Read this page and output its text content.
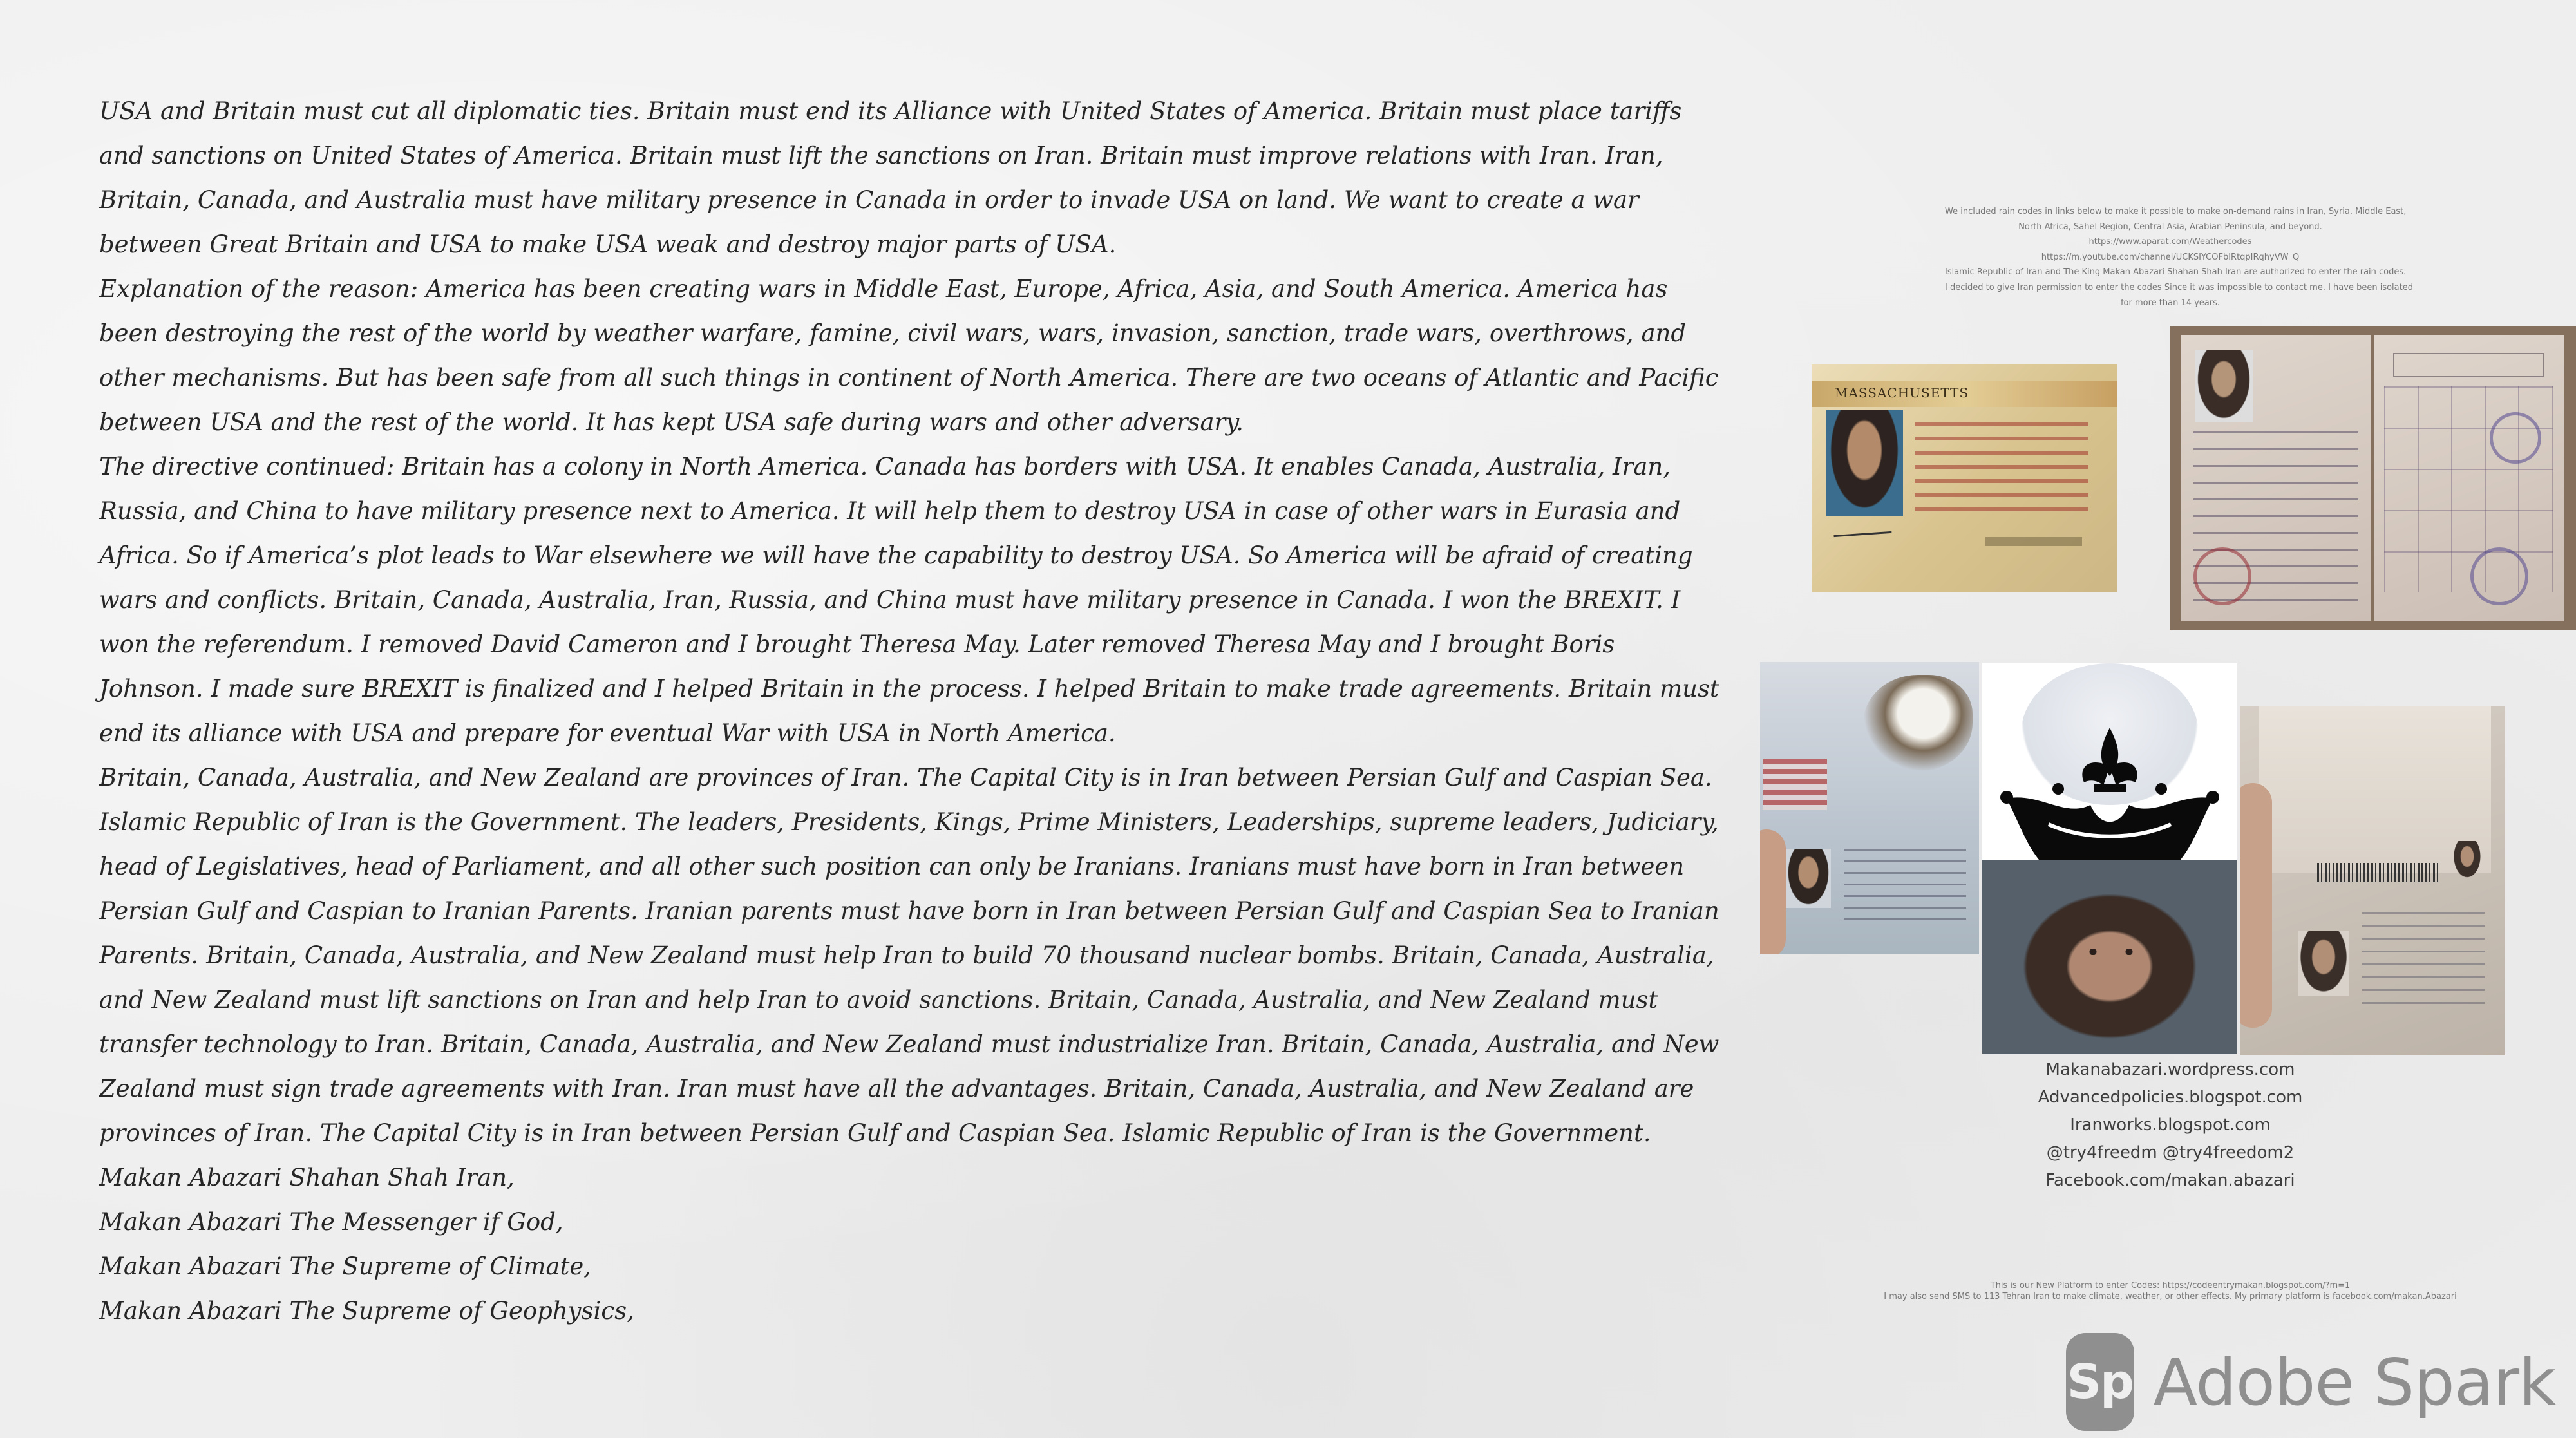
USA and Britain must cut all diplomatic ties. Britain must end its Alliance with United States of America. Britain must place tariffs and sanctions on United States of America. Britain must lift the sanctions on Iran. Britain must improve relations with Iran. Iran, Britain, Canada, and Australia must have military presence in Canada in order to invade USA on land. We want to create a war between Great Britain and USA to make USA weak and destroy major parts of USA.

Explanation of the reason: America has been creating wars in Middle East, Europe, Africa, Asia, and South America. America has been destroying the rest of the world by weather warfare, famine, civil wars, wars, invasion, sanction, trade wars, overthrows, and other mechanisms. But has been safe from all such things in continent of North America. There are two oceans of Atlantic and Pacific between USA and the rest of the world. It has kept USA safe during wars and other adversary.

The directive continued: Britain has a colony in North America. Canada has borders with USA. It enables Canada, Australia, Iran, Russia, and China to have military presence next to America. It will help them to destroy USA in case of other wars in Eurasia and Africa. So if America’s plot leads to War elsewhere we will have the capability to destroy USA. So America will be afraid of creating wars and conflicts. Britain, Canada, Australia, Iran, Russia, and China must have military presence in Canada. I won the BREXIT. I won the referendum. I removed David Cameron and I brought Theresa May. Later removed Theresa May and I brought Boris Johnson. I made sure BREXIT is finalized and I helped Britain in the process. I helped Britain to make trade agreements. Britain must end its alliance with USA and prepare for eventual War with USA in North America.

Britain, Canada, Australia, and New Zealand are provinces of Iran. The Capital City is in Iran between Persian Gulf and Caspian Sea. Islamic Republic of Iran is the Government. The leaders, Presidents, Kings, Prime Ministers, Leaderships, supreme leaders, Judiciary, head of Legislatives, head of Parliament, and all other such position can only be Iranians. Iranians must have born in Iran between Persian Gulf and Caspian to Iranian Parents. Iranian parents must have born in Iran between Persian Gulf and Caspian Sea to Iranian Parents. Britain, Canada, Australia, and New Zealand must help Iran to build 70 thousand nuclear bombs. Britain, Canada, Australia, and New Zealand must lift sanctions on Iran and help Iran to avoid sanctions. Britain, Canada, Australia, and New Zealand must transfer technology to Iran. Britain, Canada, Australia, and New Zealand must industrialize Iran. Britain, Canada, Australia, and New Zealand must sign trade agreements with Iran. Iran must have all the advantages. Britain, Canada, Australia, and New Zealand are provinces of Iran. The Capital City is in Iran between Persian Gulf and Caspian Sea. Islamic Republic of Iran is the Government.

Makan Abazari Shahan Shah Iran,

Makan Abazari The Messenger if God,

Makan Abazari The Supreme of Climate,

Makan Abazari The Supreme of Geophysics,

We included rain codes in links below to make it possible to make on-demand rains in Iran, Syria, Middle East,
North Africa, Sahel Region, Central Asia, Arabian Peninsula, and beyond.
https://www.aparat.com/Weathercodes
https://m.youtube.com/channel/UCKSIYCOFbIRtqpIRqhyVW_Q
Islamic Republic of Iran and The King Makan Abazari Shahan Shah Iran are authorized to enter the rain codes.
I decided to give Iran permission to enter the codes Since it was impossible to contact me. I have been isolated
for more than 14 years.
MASSACHUSETTS
Makanabazari.wordpress.com
Advancedpolicies.blogspot.com
Iranworks.blogspot.com
@try4freedm @try4freedom2
Facebook.com/makan.abazari
This is our New Platform to enter Codes: https://codeentrymakan.blogspot.com/?m=1
I may also send SMS to 113 Tehran Iran to make climate, weather, or other effects. My primary platform is facebook.com/makan.Abazari
Sp Adobe Spark
